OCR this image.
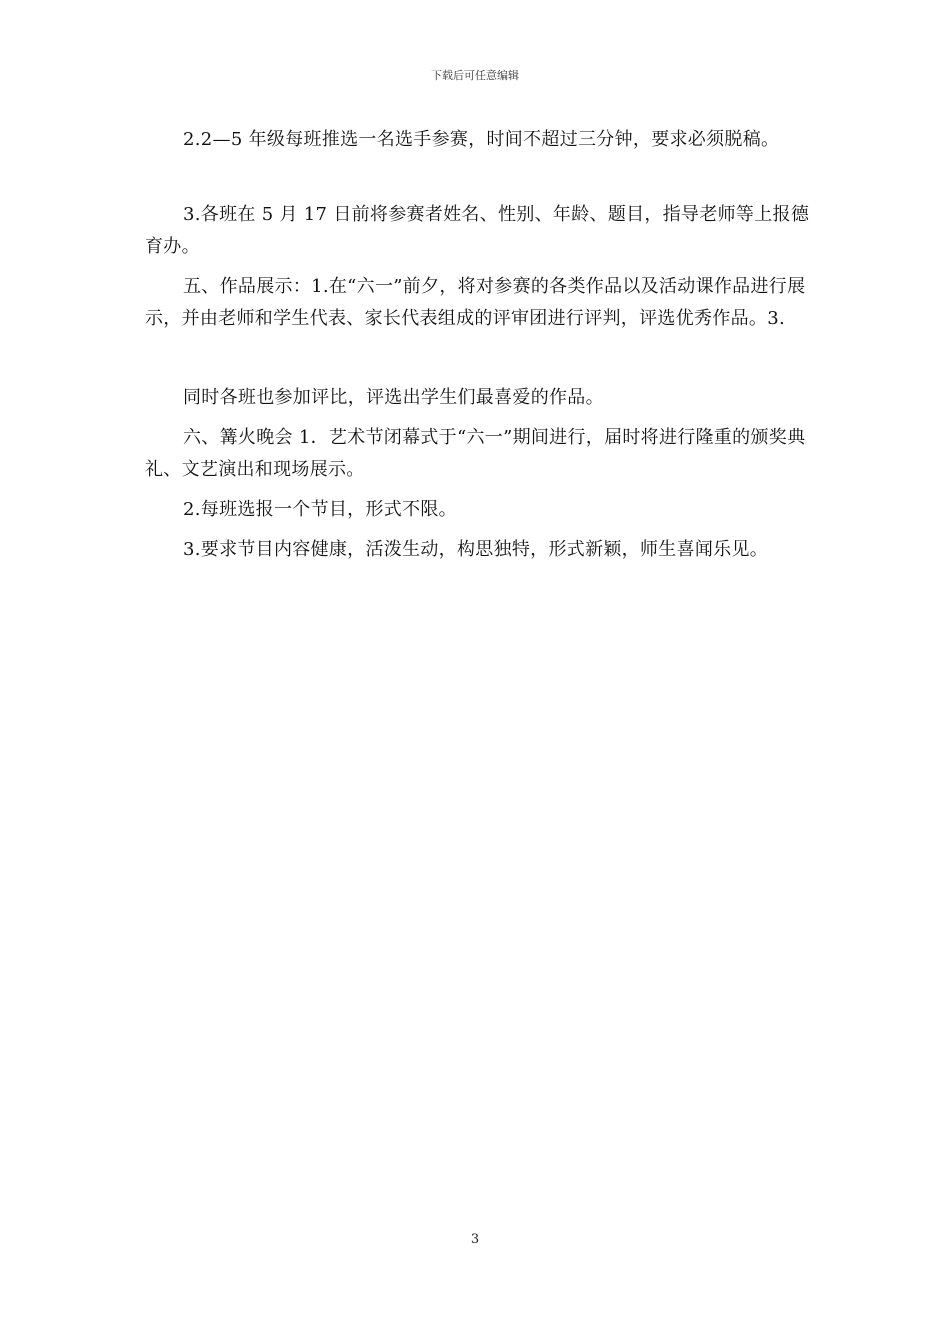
下载后可任意编辑

2.2—5 年级每班推选一名选手参赛，时间不超过三分钟，要求必须脱稿。

3.各班在 5 月 17 日前将参赛者姓名、性别、年龄、题目，指导老师等上报德育办。

五、作品展示：1.在“六一”前夕，将对参赛的各类作品以及活动课作品进行展示，并由老师和学生代表、家长代表组成的评审团进行评判，评选优秀作品。3.

同时各班也参加评比，评选出学生们最喜爱的作品。

六、篝火晚会 1．艺术节闭幕式于“六一”期间进行，届时将进行隆重的颁奖典礼、文艺演出和现场展示。

2.每班选报一个节目，形式不限。

3.要求节目内容健康，活泼生动，构思独特，形式新颖，师生喜闻乐见。

3
